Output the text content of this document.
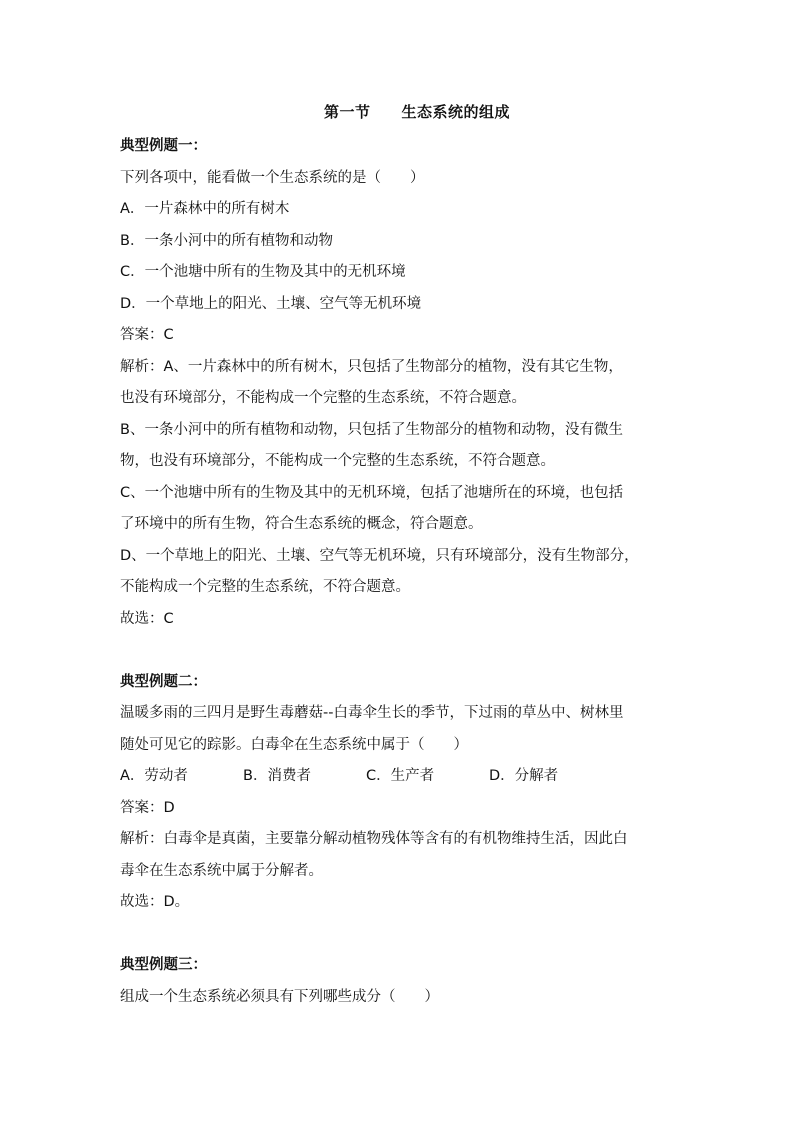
第一节　　生态系统的组成
典型例题一：
下列各项中，能看做一个生态系统的是（　　）
A．一片森林中的所有树木
B．一条小河中的所有植物和动物
C．一个池塘中所有的生物及其中的无机环境
D．一个草地上的阳光、土壤、空气等无机环境
答案：C
解析：A、一片森林中的所有树木，只包括了生物部分的植物，没有其它生物，
也没有环境部分，不能构成一个完整的生态系统，不符合题意。
B、一条小河中的所有植物和动物，只包括了生物部分的植物和动物，没有微生
物，也没有环境部分，不能构成一个完整的生态系统，不符合题意。
C、一个池塘中所有的生物及其中的无机环境，包括了池塘所在的环境，也包括
了环境中的所有生物，符合生态系统的概念，符合题意。
D、一个草地上的阳光、土壤、空气等无机环境，只有环境部分，没有生物部分，
不能构成一个完整的生态系统，不符合题意。
故选：C
典型例题二：
温暖多雨的三四月是野生毒蘑菇--白毒伞生长的季节，下过雨的草丛中、树林里
随处可见它的踪影。白毒伞在生态系统中属于（　　）
A．劳动者	B．消费者	C．生产者	D．分解者
答案：D
解析：白毒伞是真菌，主要靠分解动植物残体等含有的有机物维持生活，因此白
毒伞在生态系统中属于分解者。
故选：D。
典型例题三：
组成一个生态系统必须具有下列哪些成分（　　）
